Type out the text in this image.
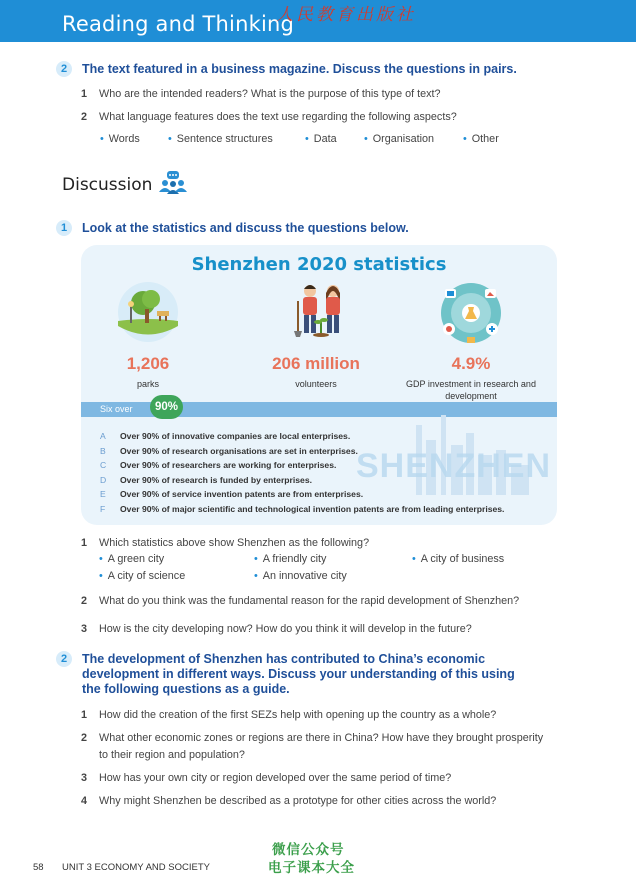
Reading and Thinking
人民教育出版社
2	The text featured in a business magazine. Discuss the questions in pairs.
1 Who are the intended readers? What is the purpose of this type of text?
2 What language features does the text use regarding the following aspects?
• Words	• Sentence structures	• Data	• Organisation	• Other
Discussion
1	Look at the statistics and discuss the questions below.
Shenzhen 2020 statistics
1,206	206 million	4.9%
parks	volunteers	GDP investment in research and development
Six over	90%
SHENZHEN
A Over 90% of innovative companies are local enterprises.
B Over 90% of research organisations are set in enterprises.
C Over 90% of researchers are working for enterprises.
D Over 90% of research is funded by enterprises.
E Over 90% of service invention patents are from enterprises.
F Over 90% of major scientific and technological invention patents are from leading enterprises.
1 Which statistics above show Shenzhen as the following?
• A green city	• A friendly city	• A city of business
• A city of science	• An innovative city
2 What do you think was the fundamental reason for the rapid development of Shenzhen?
3 How is the city developing now? How do you think it will develop in the future?
2	The development of Shenzhen has contributed to China’s economic
development in different ways. Discuss your understanding of this using
the following questions as a guide.
1 How did the creation of the first SEZs help with opening up the country as a whole?
2 What other economic zones or regions are there in China? How have they brought prosperity
to their region and population?
3 How has your own city or region developed over the same period of time?
4 Why might Shenzhen be described as a prototype for other cities across the world?
58 UNIT 3 ECONOMY AND SOCIETY
微信公众号
电子课本大全
